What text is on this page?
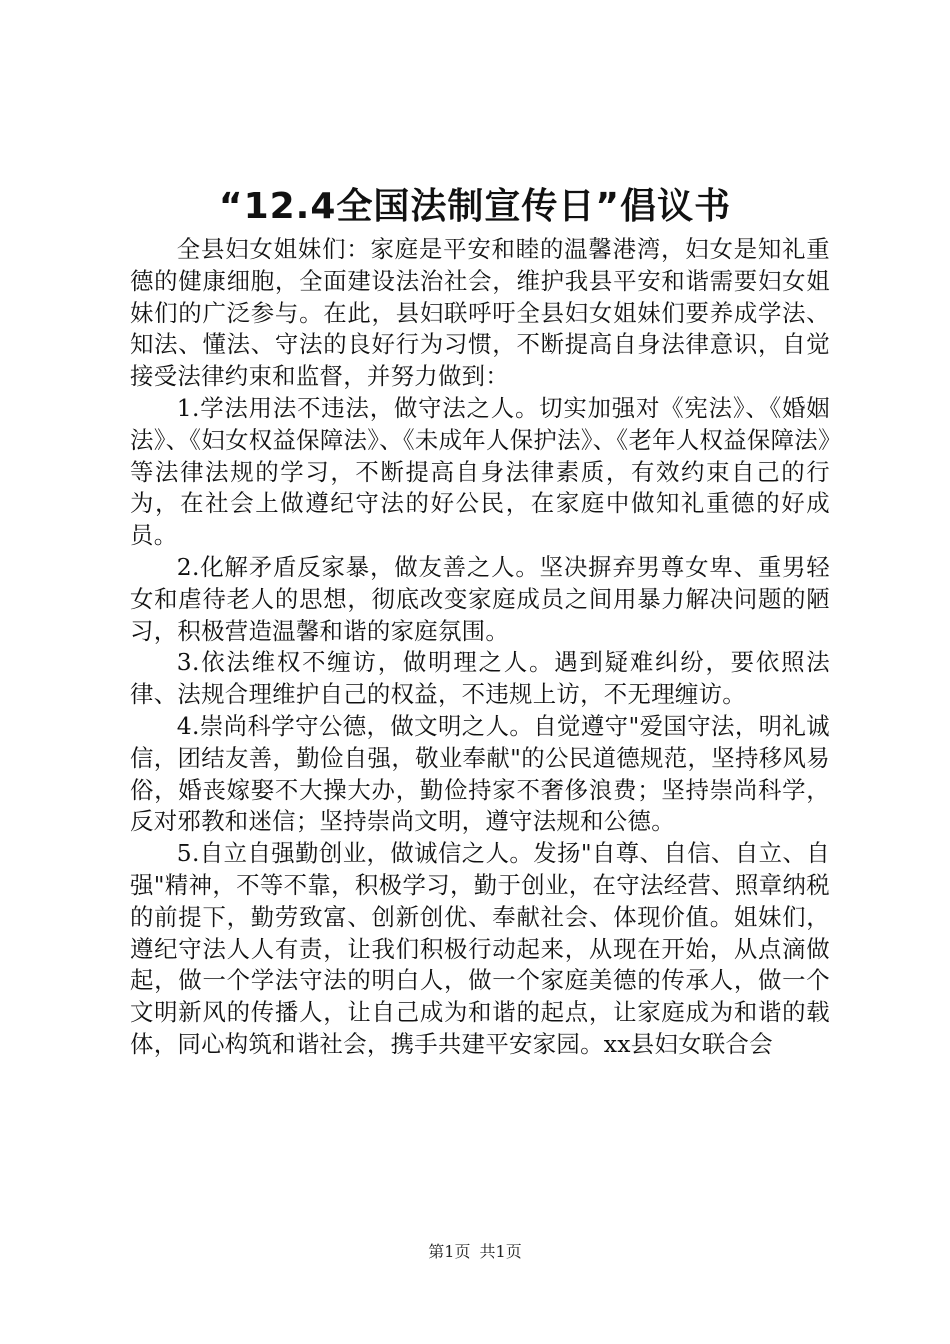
“12.4全国法制宣传日”倡议书

全县妇女姐妹们：家庭是平安和睦的温馨港湾，妇女是知礼重德的健康细胞，全面建设法治社会，维护我县平安和谐需要妇女姐妹们的广泛参与。在此，县妇联呼吁全县妇女姐妹们要养成学法、知法、懂法、守法的良好行为习惯，不断提高自身法律意识，自觉接受法律约束和监督，并努力做到：

1.学法用法不违法，做守法之人。切实加强对《宪法》、《婚姻法》、《妇女权益保障法》、《未成年人保护法》、《老年人权益保障法》等法律法规的学习，不断提高自身法律素质，有效约束自己的行为，在社会上做遵纪守法的好公民，在家庭中做知礼重德的好成员。

2.化解矛盾反家暴，做友善之人。坚决摒弃男尊女卑、重男轻女和虐待老人的思想，彻底改变家庭成员之间用暴力解决问题的陋习，积极营造温馨和谐的家庭氛围。

3.依法维权不缠访，做明理之人。遇到疑难纠纷，要依照法律、法规合理维护自己的权益，不违规上访，不无理缠访。

4.崇尚科学守公德，做文明之人。自觉遵守"爱国守法，明礼诚信，团结友善，勤俭自强，敬业奉献"的公民道德规范，坚持移风易俗，婚丧嫁娶不大操大办，勤俭持家不奢侈浪费；坚持崇尚科学，反对邪教和迷信；坚持崇尚文明，遵守法规和公德。

5.自立自强勤创业，做诚信之人。发扬"自尊、自信、自立、自强"精神，不等不靠，积极学习，勤于创业，在守法经营、照章纳税的前提下，勤劳致富、创新创优、奉献社会、体现价值。姐妹们，遵纪守法人人有责，让我们积极行动起来，从现在开始，从点滴做起，做一个学法守法的明白人，做一个家庭美德的传承人，做一个文明新风的传播人，让自己成为和谐的起点，让家庭成为和谐的载体，同心构筑和谐社会，携手共建平安家园。xx县妇女联合会

第1页 共1页
